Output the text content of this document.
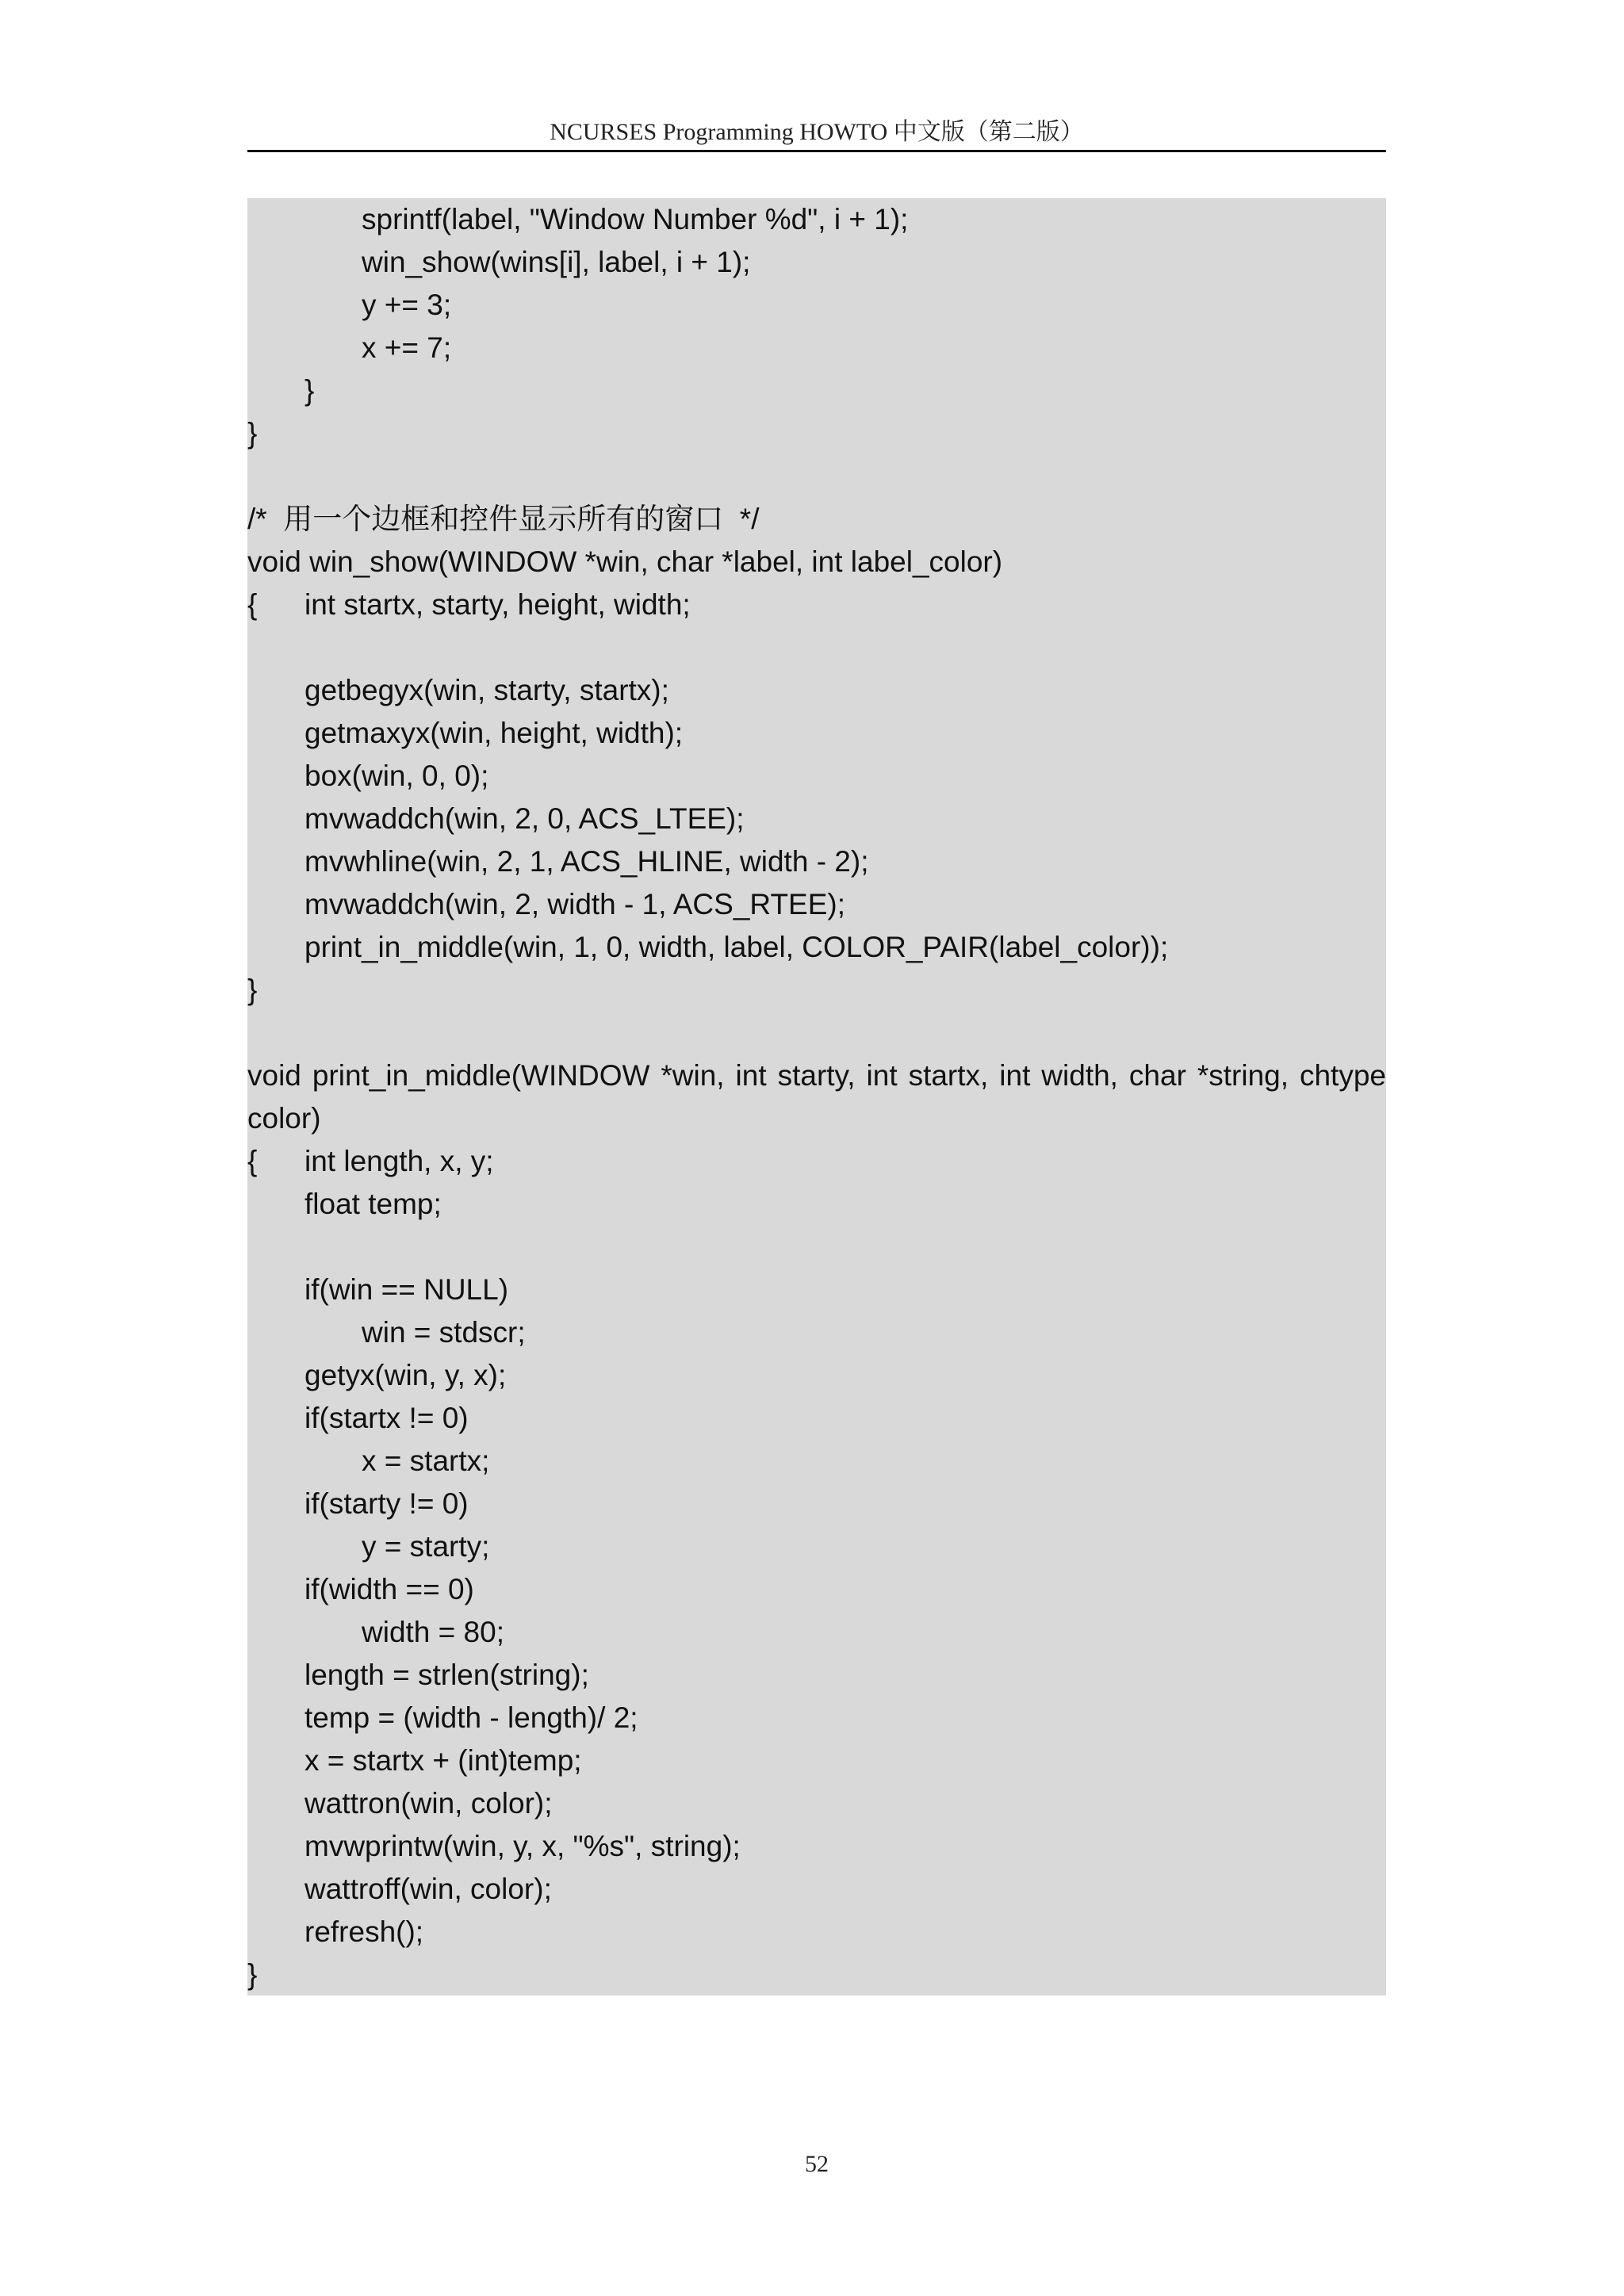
NCURSES Programming HOWTO 中文版（第二版）
sprintf(label, "Window Number %d", i + 1);
win_show(wins[i], label, i + 1);
y += 3;
x += 7;
}
}
/*  用一个边框和控件显示所有的窗口  */
void win_show(WINDOW *win, char *label, int label_color)
{ int startx, starty, height, width;
getbegyx(win, starty, startx);
getmaxyx(win, height, width);
box(win, 0, 0);
mvwaddch(win, 2, 0, ACS_LTEE);
mvwhline(win, 2, 1, ACS_HLINE, width - 2);
mvwaddch(win, 2, width - 1, ACS_RTEE);
print_in_middle(win, 1, 0, width, label, COLOR_PAIR(label_color));
}
void print_in_middle(WINDOW *win, int starty, int startx, int width, char *string, chtype
color)
{ int length, x, y;
float temp;
if(win == NULL)
win = stdscr;
getyx(win, y, x);
if(startx != 0)
x = startx;
if(starty != 0)
y = starty;
if(width == 0)
width = 80;
length = strlen(string);
temp = (width - length)/ 2;
x = startx + (int)temp;
wattron(win, color);
mvwprintw(win, y, x, "%s", string);
wattroff(win, color);
refresh();
}
52
